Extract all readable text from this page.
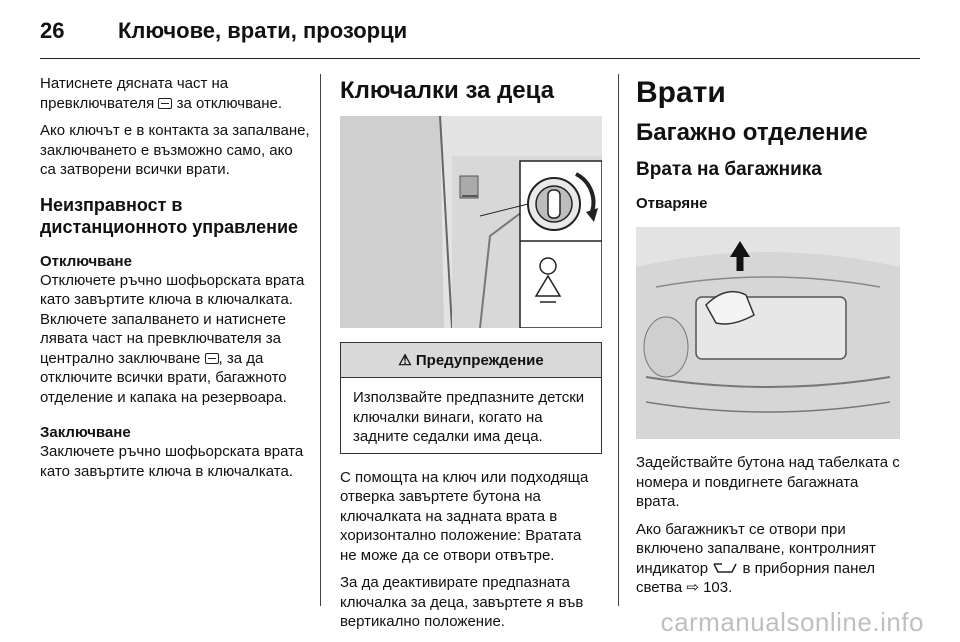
26 Ключове, врати, прозорци

Натиснете дясната част на превключвателя за отключване.

Ако ключът е в контакта за запалване, заключването е възможно само, ако са затворени всички врати.

Неизправност в дистанционното управление
Отключване

Отключете ръчно шофьорската врата като завъртите ключа в ключалката. Включете запалването и натиснете лявата част на превключвателя за централно заключване , за да отключите всички врати, багажното отделение и капака на резервоара.

Заключване

Заключете ръчно шофьорската врата като завъртите ключа в ключалката.

Ключалки за деца
⚠ Предупреждение

Използвайте предпазните детски ключалки винаги, когато на задните седалки има деца.

С помощта на ключ или подходяща отверка завъртете бутона на ключалката на задната врата в хоризонтално положение: Вратата не може да се отвори отвътре.

За да деактивирате предпазната ключалка за деца, завъртете я във вертикално положение.

Врати
Багажно отделение
Врата на багажника
Отваряне

Задействайте бутона над табелката с номера и повдигнете багажната врата.

Ако багажникът се отвори при включено запалване, контролният индикатор в приборния панел светва ⇨ 103.

carmanualsonline.info
